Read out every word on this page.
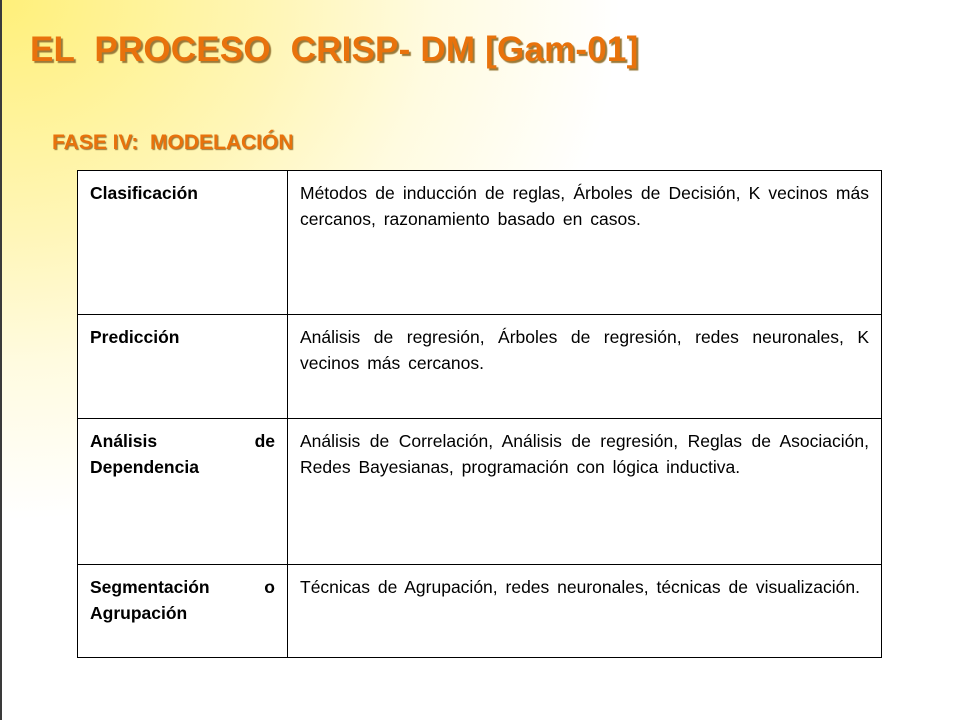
EL  PROCESO  CRISP- DM [Gam-01]
FASE IV:  MODELACIÓN
Clasificación	Métodos de inducción de reglas, Árboles de Decisión, K vecinos más cercanos, razonamiento basado en casos.
Predicción	Análisis de regresión, Árboles de regresión, redes neuronales, K vecinos más cercanos.
Análisis de Dependencia	Análisis de Correlación, Análisis de regresión, Reglas de Asociación, Redes Bayesianas, programación con lógica inductiva.
Segmentación o Agrupación	Técnicas de Agrupación, redes neuronales, técnicas de visualización.
